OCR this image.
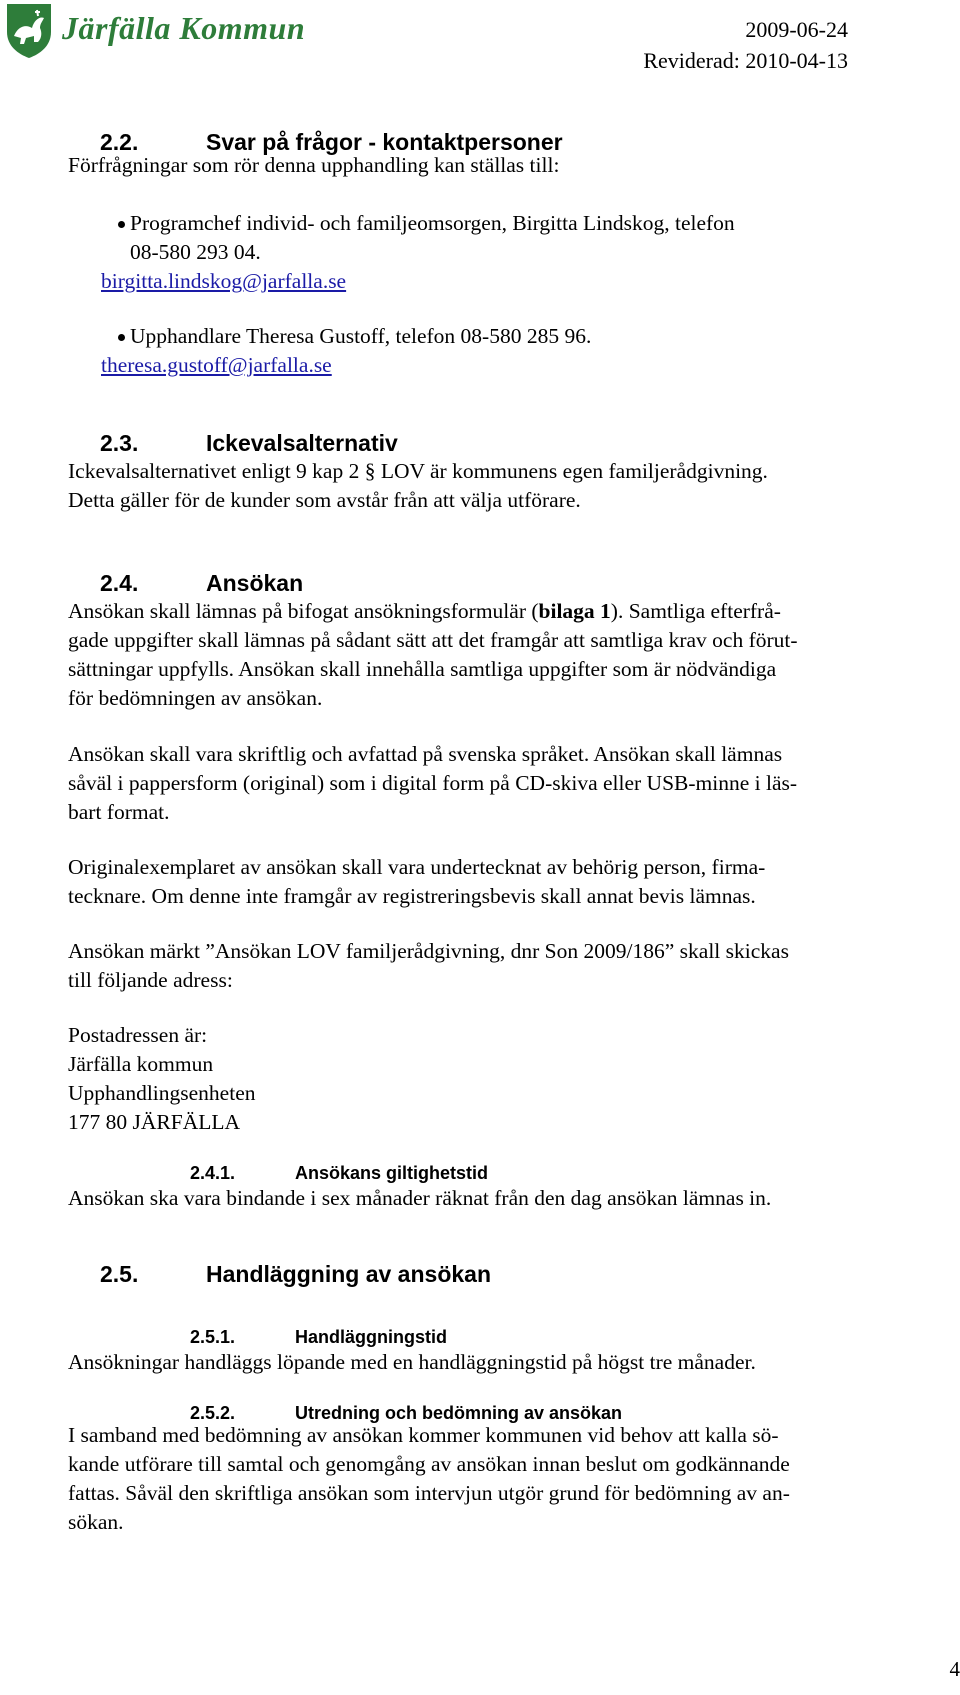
Järfälla Kommun	2009-06-24
Reviderad: 2010-04-13
2.2.	Svar på frågor - kontaktpersoner
Förfrågningar som rör denna upphandling kan ställas till:
Programchef individ- och familjeomsorgen, Birgitta Lindskog, telefon
08-580 293 04.
birgitta.lindskog@jarfalla.se
Upphandlare Theresa Gustoff, telefon 08-580 285 96.
theresa.gustoff@jarfalla.se
2.3.	Ickevalsalternativ
Ickevalsalternativet enligt 9 kap 2 § LOV är kommunens egen familjerådgivning.
Detta gäller för de kunder som avstår från att välja utförare.
2.4.	Ansökan
Ansökan skall lämnas på bifogat ansökningsformulär (bilaga 1). Samtliga efterfrå-
gade uppgifter skall lämnas på sådant sätt att det framgår att samtliga krav och förut-
sättningar uppfylls. Ansökan skall innehålla samtliga uppgifter som är nödvändiga
för bedömningen av ansökan.
Ansökan skall vara skriftlig och avfattad på svenska språket. Ansökan skall lämnas
såväl i pappersform (original) som i digital form på CD-skiva eller USB-minne i läs-
bart format.
Originalexemplaret av ansökan skall vara undertecknat av behörig person, firma-
tecknare. Om denne inte framgår av registreringsbevis skall annat bevis lämnas.
Ansökan märkt ”Ansökan LOV familjerådgivning, dnr Son 2009/186” skall skickas
till följande adress:
Postadressen är:
Järfälla kommun
Upphandlingsenheten
177 80 JÄRFÄLLA
2.4.1.	Ansökans giltighetstid
Ansökan ska vara bindande i sex månader räknat från den dag ansökan lämnas in.
2.5.	Handläggning av ansökan
2.5.1.	Handläggningstid
Ansökningar handläggs löpande med en handläggningstid på högst tre månader.
2.5.2.	Utredning och bedömning av ansökan
I samband med bedömning av ansökan kommer kommunen vid behov att kalla sö-
kande utförare till samtal och genomgång av ansökan innan beslut om godkännande
fattas. Såväl den skriftliga ansökan som intervjun utgör grund för bedömning av an-
sökan.
4
